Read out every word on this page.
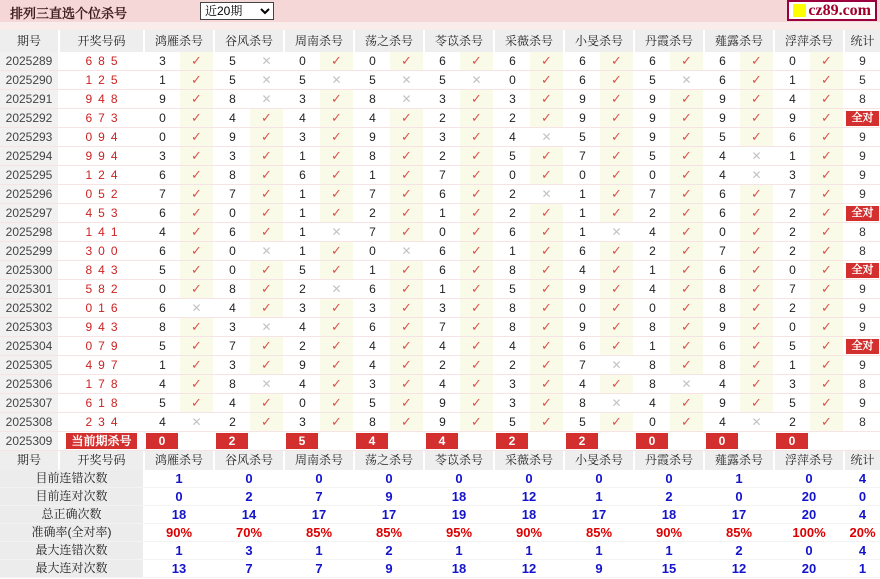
排列三直选个位杀号
近20期	cz89.com
期号	开奖号码	鸿雁杀号	谷风杀号	周南杀号	荡之杀号	苓苡杀号	采薇杀号	小旻杀号	丹霞杀号	薤露杀号	浮萍杀号	统计
2025289	685	3	✓	5	✕	0	✓	0	✓	6	✓	6	✓	6	✓	6	✓	6	✓	0	✓	9
2025290	125	1	✓	5	✕	5	✕	5	✕	5	✕	0	✓	6	✓	5	✕	6	✓	1	✓	5
2025291	948	9	✓	8	✕	3	✓	8	✕	3	✓	3	✓	9	✓	9	✓	9	✓	4	✓	8
2025292	673	0	✓	4	✓	4	✓	4	✓	2	✓	2	✓	9	✓	9	✓	9	✓	9	✓	全对
2025293	094	0	✓	9	✓	3	✓	9	✓	3	✓	4	✕	5	✓	9	✓	5	✓	6	✓	9
2025294	994	3	✓	3	✓	1	✓	8	✓	2	✓	5	✓	7	✓	5	✓	4	✕	1	✓	9
2025295	124	6	✓	8	✓	6	✓	1	✓	7	✓	0	✓	0	✓	0	✓	4	✕	3	✓	9
2025296	052	7	✓	7	✓	1	✓	7	✓	6	✓	2	✕	1	✓	7	✓	6	✓	7	✓	9
2025297	453	6	✓	0	✓	1	✓	2	✓	1	✓	2	✓	1	✓	2	✓	6	✓	2	✓	全对
2025298	141	4	✓	6	✓	1	✕	7	✓	0	✓	6	✓	1	✕	4	✓	0	✓	2	✓	8
2025299	300	6	✓	0	✕	1	✓	0	✕	6	✓	1	✓	6	✓	2	✓	7	✓	2	✓	8
2025300	843	5	✓	0	✓	5	✓	1	✓	6	✓	8	✓	4	✓	1	✓	6	✓	0	✓	全对
2025301	582	0	✓	8	✓	2	✕	6	✓	1	✓	5	✓	9	✓	4	✓	8	✓	7	✓	9
2025302	016	6	✕	4	✓	3	✓	3	✓	3	✓	8	✓	0	✓	0	✓	8	✓	2	✓	9
2025303	943	8	✓	3	✕	4	✓	6	✓	7	✓	8	✓	9	✓	8	✓	9	✓	0	✓	9
2025304	079	5	✓	7	✓	2	✓	4	✓	4	✓	4	✓	6	✓	1	✓	6	✓	5	✓	全对
2025305	497	1	✓	3	✓	9	✓	4	✓	2	✓	2	✓	7	✕	8	✓	8	✓	1	✓	9
2025306	178	4	✓	8	✕	4	✓	3	✓	4	✓	3	✓	4	✓	8	✕	4	✓	3	✓	8
2025307	618	5	✓	4	✓	0	✓	5	✓	9	✓	3	✓	8	✕	4	✓	9	✓	5	✓	9
2025308	234	4	✕	2	✓	3	✓	8	✓	9	✓	5	✓	5	✓	0	✓	4	✕	2	✓	8
2025309	当前期杀号	0	2	5	4	4	2	2	0	0	0
期号	开奖号码	鸿雁杀号	谷风杀号	周南杀号	荡之杀号	苓苡杀号	采薇杀号	小旻杀号	丹霞杀号	薤露杀号	浮萍杀号	统计
目前连错次数	1	0	0	0	0	0	0	0	1	0	4
目前连对次数	0	2	7	9	18	12	1	2	0	20	0
总正确次数	18	14	17	17	19	18	17	18	17	20	4
准确率(全对率)	90%	70%	85%	85%	95%	90%	85%	90%	85%	100%	20%
最大连错次数	1	3	1	2	1	1	1	1	2	0	4
最大连对次数	13	7	7	9	18	12	9	15	12	20	1
